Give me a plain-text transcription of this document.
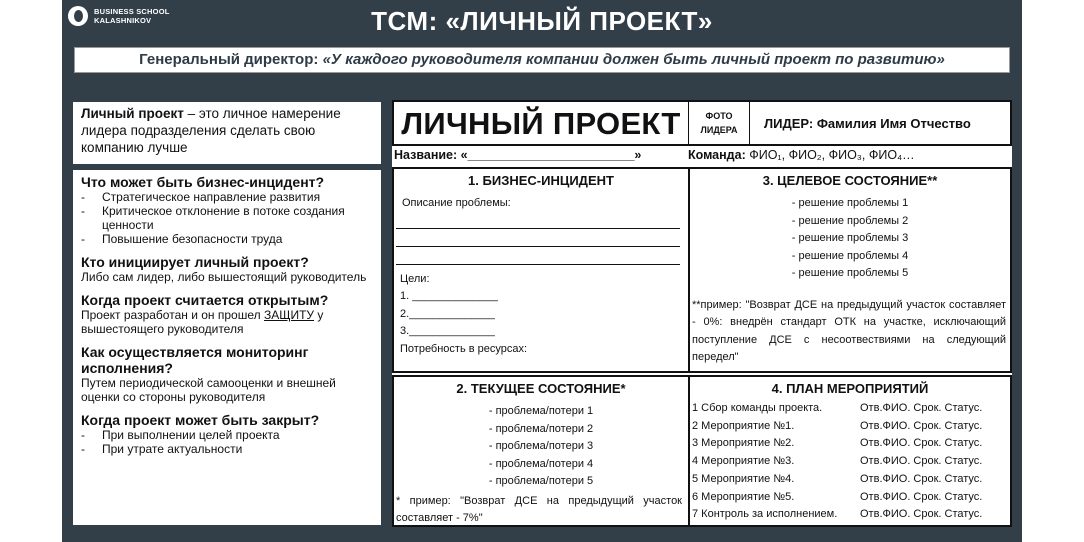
BUSINESS SCHOOL
KALASHNIKOV	ТСМ: «ЛИЧНЫЙ ПРОЕКТ»
Генеральный директор: «У каждого руководителя компании должен быть личный проект по развитию»
Личный проект – это личное намерение лидера подразделения сделать свою компанию лучше
Что может быть бизнес-инцидент?
- Стратегическое направление развития
- Критическое отклонение в потоке создания ценности
- Повышение безопасности труда
Кто инициирует личный проект?
Либо сам лидер, либо вышестоящий руководитель
Когда проект считается открытым?
Проект разработан и он прошел ЗАЩИТУ у вышестоящего руководителя
Как осуществляется мониторинг исполнения?
Путем периодической самооценки и внешней оценки со стороны руководителя
Когда проект может быть закрыт?
- При выполнении целей проекта
- При утрате актуальности
ЛИЧНЫЙ ПРОЕКТ	ФОТО ЛИДЕРА	ЛИДЕР: Фамилия Имя Отчество
Название: «________________________»	Команда: ФИО₁, ФИО₂, ФИО₃, ФИО₄…
1. БИЗНЕС-ИНЦИДЕНТ
Описание проблемы:
Цели:
1. ______________
2.______________
3.______________
Потребность в ресурсах:
3. ЦЕЛЕВОЕ СОСТОЯНИЕ**
- решение проблемы 1
- решение проблемы 2
- решение проблемы 3
- решение проблемы 4
- решение проблемы 5
**пример: "Возврат ДСЕ на предыдущий участок составляет - 0%: внедрён стандарт ОТК на участке, исключающий поступление ДСЕ с несоотвествиями на следующий передел"
2. ТЕКУЩЕЕ СОСТОЯНИЕ*
- проблема/потери 1
- проблема/потери 2
- проблема/потери 3
- проблема/потери 4
- проблема/потери 5
* пример: "Возврат ДСЕ на предыдущий участок составляет - 7%"
4. ПЛАН МЕРОПРИЯТИЙ
1 Сбор команды проекта.	Отв.ФИО. Срок. Статус.
2 Мероприятие №1.	Отв.ФИО. Срок. Статус.
3 Мероприятие №2.	Отв.ФИО. Срок. Статус.
4 Мероприятие №3.	Отв.ФИО. Срок. Статус.
5 Мероприятие №4.	Отв.ФИО. Срок. Статус.
6 Мероприятие №5.	Отв.ФИО. Срок. Статус.
7 Контроль за исполнением.	Отв.ФИО. Срок. Статус.
